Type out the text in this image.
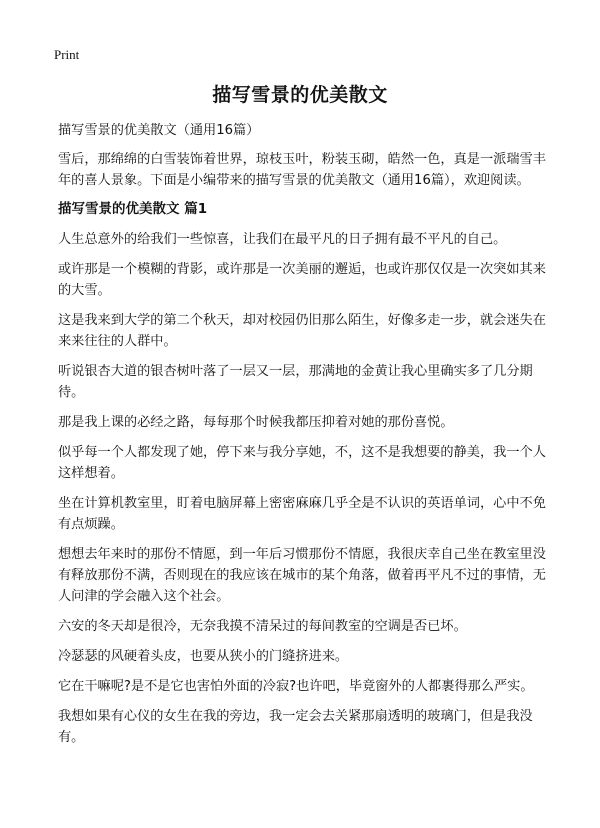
Print
描写雪景的优美散文

描写雪景的优美散文（通用16篇）

雪后，那绵绵的白雪装饰着世界，琼枝玉叶，粉装玉砌，皓然一色，真是一派瑞雪丰年的喜人景象。下面是小编带来的描写雪景的优美散文（通用16篇），欢迎阅读。

描写雪景的优美散文 篇1

人生总意外的给我们一些惊喜，让我们在最平凡的日子拥有最不平凡的自己。

或许那是一个模糊的背影，或许那是一次美丽的邂逅，也或许那仅仅是一次突如其来的大雪。

这是我来到大学的第二个秋天，却对校园仍旧那么陌生，好像多走一步，就会迷失在来来往往的人群中。

听说银杏大道的银杏树叶落了一层又一层，那满地的金黄让我心里确实多了几分期待。

那是我上课的必经之路，每每那个时候我都压抑着对她的那份喜悦。

似乎每一个人都发现了她，停下来与我分享她，不，这不是我想要的静美，我一个人这样想着。

坐在计算机教室里，盯着电脑屏幕上密密麻麻几乎全是不认识的英语单词，心中不免有点烦躁。

想想去年来时的那份不情愿，到一年后习惯那份不情愿，我很庆幸自己坐在教室里没有释放那份不满，否则现在的我应该在城市的某个角落，做着再平凡不过的事情，无人问津的学会融入这个社会。

六安的冬天却是很冷，无奈我摸不清呆过的每间教室的空调是否已坏。

冷瑟瑟的风硬着头皮，也要从狭小的门缝挤进来。

它在干嘛呢?是不是它也害怕外面的冷寂?也许吧，毕竟窗外的人都裹得那么严实。

我想如果有心仪的女生在我的旁边，我一定会去关紧那扇透明的玻璃门，但是我没有。
